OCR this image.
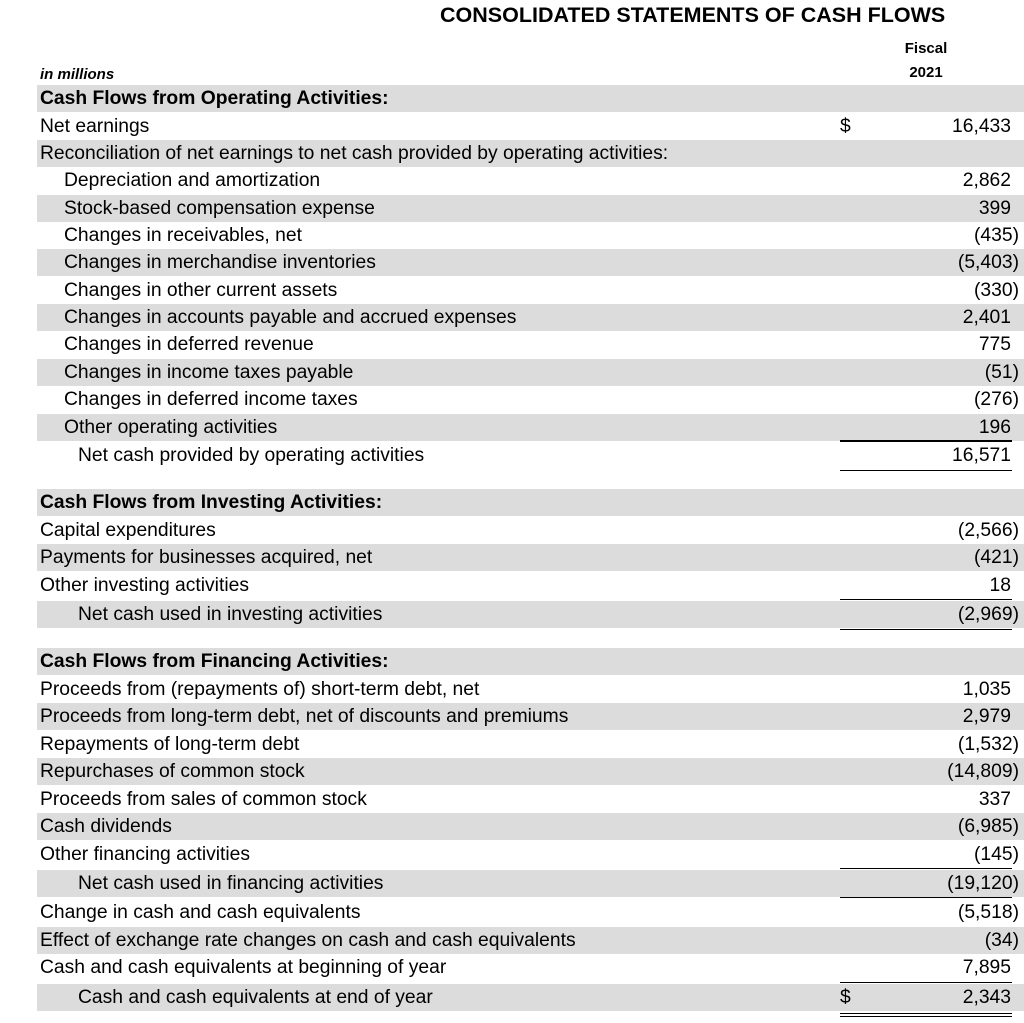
CONSOLIDATED STATEMENTS OF CASH FLOWS
Fiscal
2021
in millions
Cash Flows from Operating Activities:
Net earnings	$	16,433
Reconciliation of net earnings to net cash provided by operating activities:
Depreciation and amortization	2,862
Stock-based compensation expense	399
Changes in receivables, net	(435)
Changes in merchandise inventories	(5,403)
Changes in other current assets	(330)
Changes in accounts payable and accrued expenses	2,401
Changes in deferred revenue	775
Changes in income taxes payable	(51)
Changes in deferred income taxes	(276)
Other operating activities	196
Net cash provided by operating activities	16,571
Cash Flows from Investing Activities:
Capital expenditures	(2,566)
Payments for businesses acquired, net	(421)
Other investing activities	18
Net cash used in investing activities	(2,969)
Cash Flows from Financing Activities:
Proceeds from (repayments of) short-term debt, net	1,035
Proceeds from long-term debt, net of discounts and premiums	2,979
Repayments of long-term debt	(1,532)
Repurchases of common stock	(14,809)
Proceeds from sales of common stock	337
Cash dividends	(6,985)
Other financing activities	(145)
Net cash used in financing activities	(19,120)
Change in cash and cash equivalents	(5,518)
Effect of exchange rate changes on cash and cash equivalents	(34)
Cash and cash equivalents at beginning of year	7,895
Cash and cash equivalents at end of year	$	2,343
